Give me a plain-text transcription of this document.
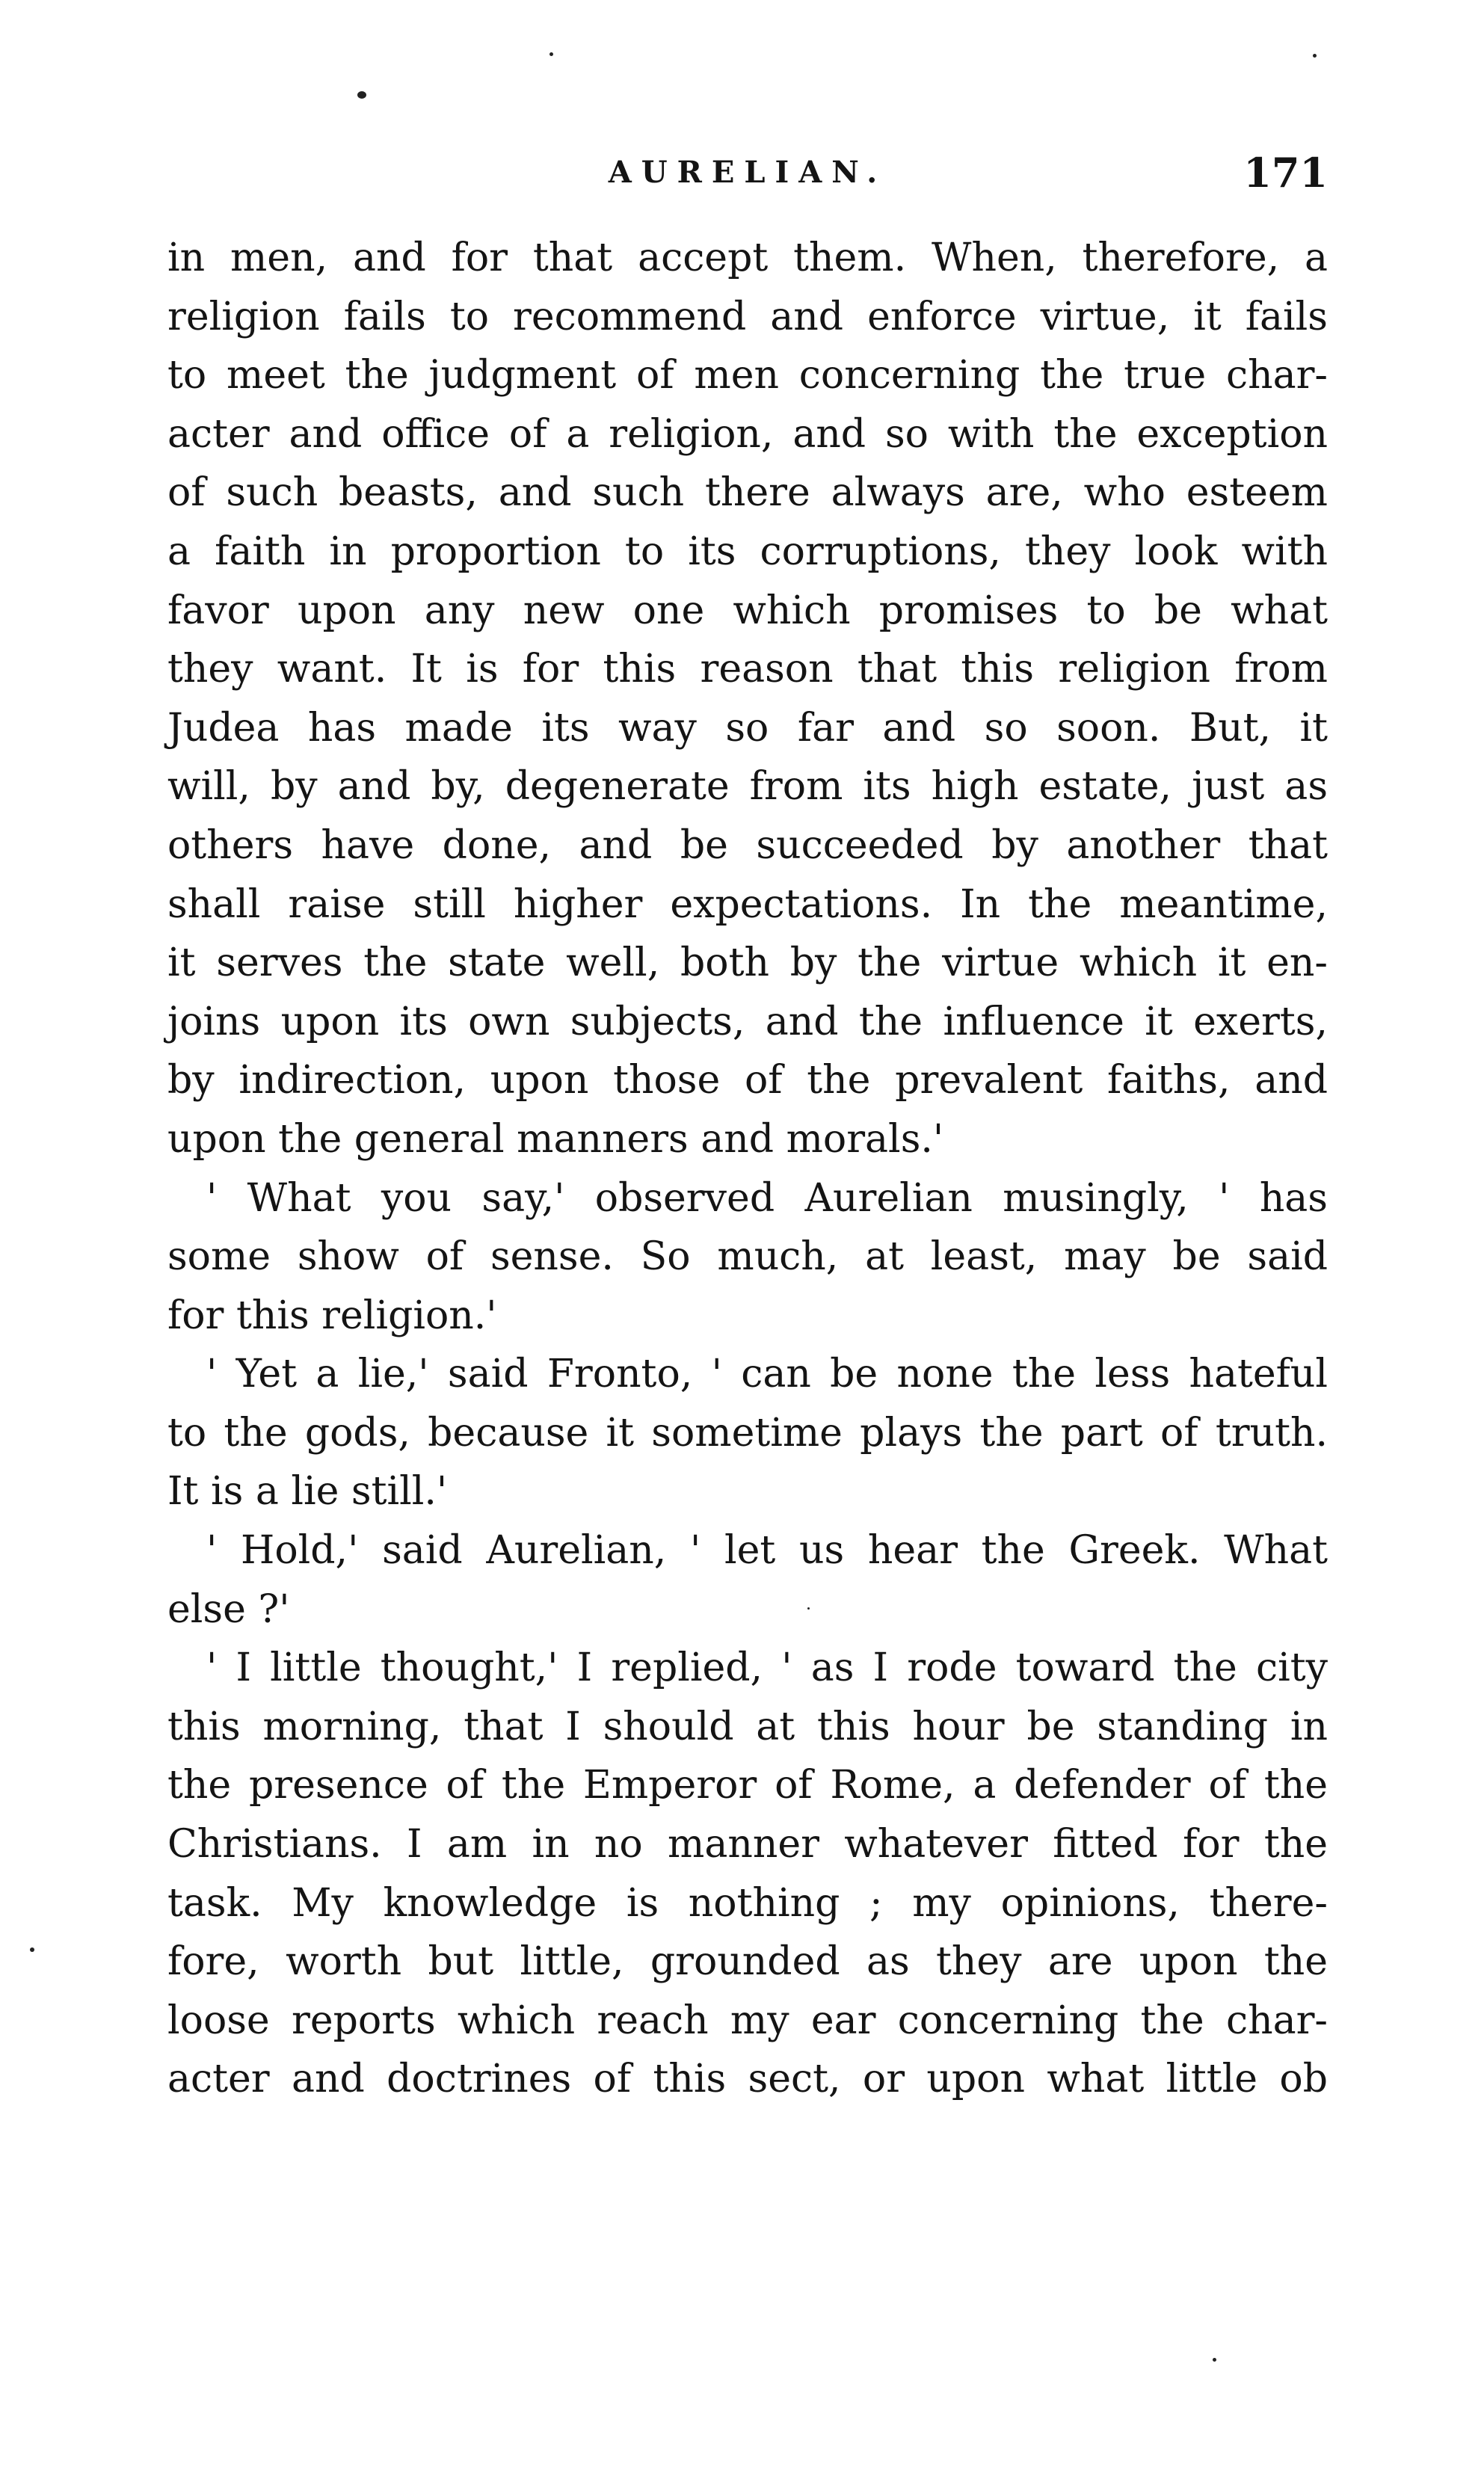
AURELIAN.	171
in men, and for that accept them. When, therefore, a
religion fails to recommend and enforce virtue, it fails
to meet the judgment of men concerning the true char-
acter and office of a religion, and so with the exception
of such beasts, and such there always are, who esteem
a faith in proportion to its corruptions, they look with
favor upon any new one which promises to be what
they want. It is for this reason that this religion from
Judea has made its way so far and so soon. But, it
will, by and by, degenerate from its high estate, just as
others have done, and be succeeded by another that
shall raise still higher expectations. In the meantime,
it serves the state well, both by the virtue which it en-
joins upon its own subjects, and the influence it exerts,
by indirection, upon those of the prevalent faiths, and
upon the general manners and morals.'
' What you say,' observed Aurelian musingly, ' has
some show of sense. So much, at least, may be said
for this religion.'
' Yet a lie,' said Fronto, ' can be none the less hateful
to the gods, because it sometime plays the part of truth.
It is a lie still.'
' Hold,' said Aurelian, ' let us hear the Greek. What
else ?'
' I little thought,' I replied, ' as I rode toward the city
this morning, that I should at this hour be standing in
the presence of the Emperor of Rome, a defender of the
Christians. I am in no manner whatever fitted for the
task. My knowledge is nothing ; my opinions, there-
fore, worth but little, grounded as they are upon the
loose reports which reach my ear concerning the char-
acter and doctrines of this sect, or upon what little ob
